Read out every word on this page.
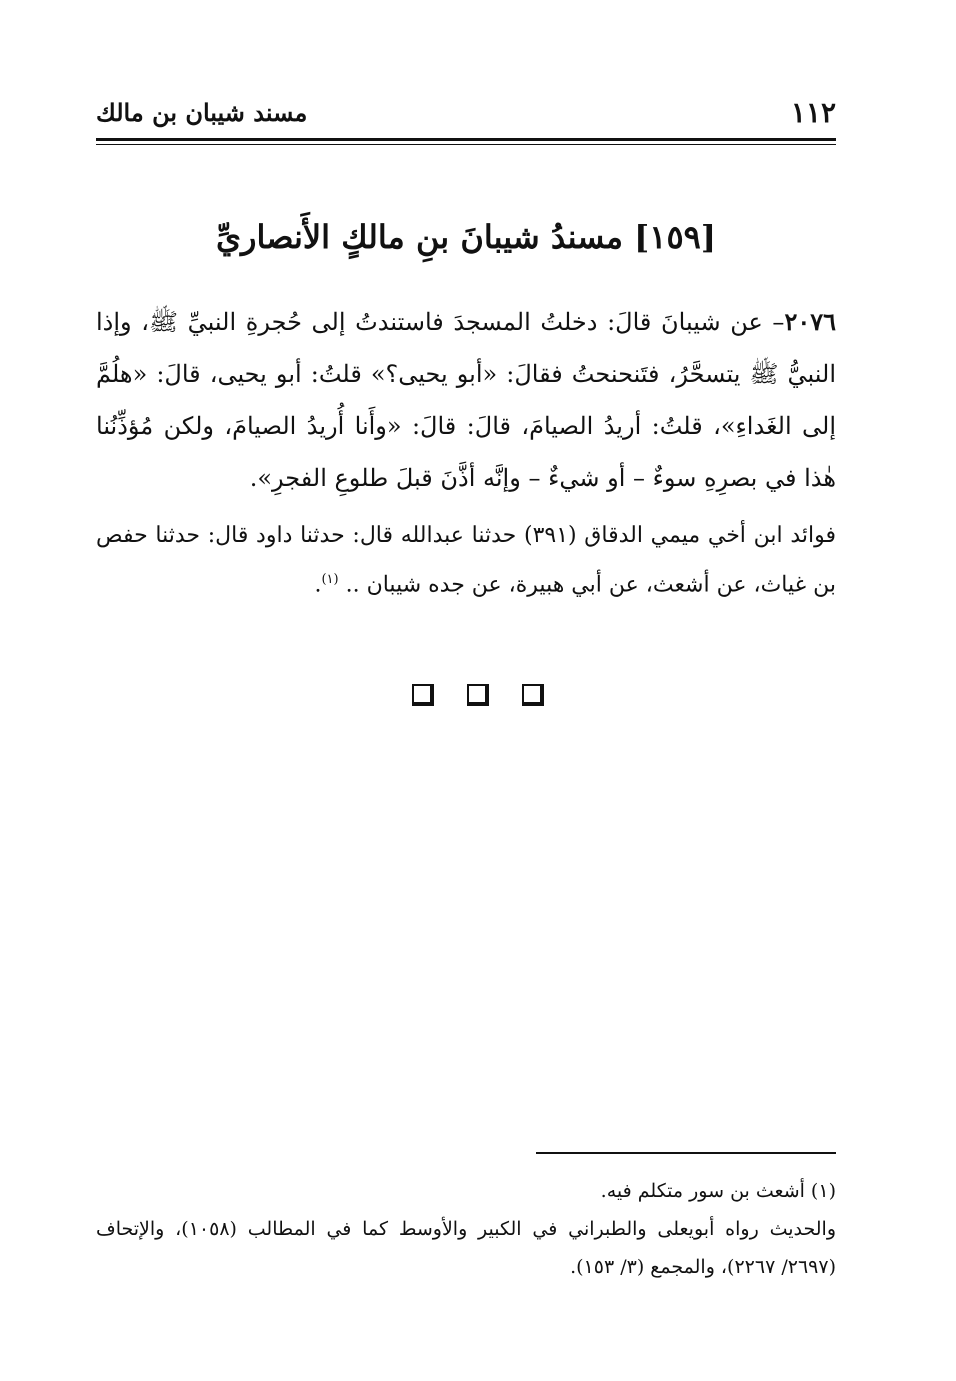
١١٢
مسند شيبان بن مالك
[١٥٩] مسندُ شيبانَ بنِ مالكٍ الأَنصاريِّ
٢٠٧٦– عن شيبانَ قالَ: دخلتُ المسجدَ فاستندتُ إلى حُجرةِ النبيِّ ﷺ، وإذا النبيُّ ﷺ يتسحَّرُ، فتَنحنحتُ فقالَ: «أبو يحيى؟» قلتُ: أبو يحيى، قالَ: «هلُمَّ إلى الغَداءِ»، قلتُ: أريدُ الصيامَ، قالَ: قالَ: «وأَنا أُريدُ الصيامَ، ولكن مُؤذِّنُنا هٰذا في بصرِهِ سوءٌ – أو شيءٌ – وإنَّه أذَّنَ قبلَ طلوعِ الفجرِ».
فوائد ابن أخي ميمي الدقاق (٣٩١) حدثنا عبدالله قال: حدثنا داود قال: حدثنا حفص بن غياث، عن أشعث، عن أبي هبيرة، عن جده شيبان .. $^{(١)}$.

(١) أشعث بن سور متكلم فيه.

والحديث رواه أبويعلى والطبراني في الكبير والأوسط كما في المطالب (١٠٥٨)، والإتحاف (٢٦٩٧/ ٢٢٦٧)، والمجمع (٣/ ١٥٣).
